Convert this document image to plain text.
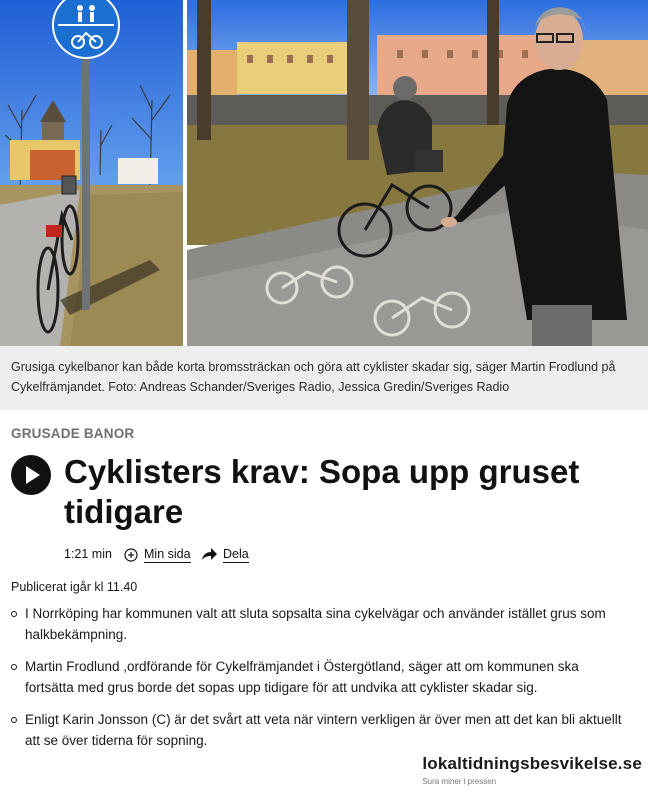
Grusiga cykelbanor kan både korta bromssträckan och göra att cyklister skadar sig, säger Martin Frodlund på Cykelfrämjandet. Foto: Andreas Schander/Sveriges Radio, Jessica Gredin/Sveriges Radio
GRUSADE BANOR
Cyklisters krav: Sopa upp gruset tidigare
1:21 min	Min sida	Dela
Publicerat igår kl 11.40
I Norrköping har kommunen valt att sluta sopsalta sina cykelvägar och använder istället grus som halkbekämpning.
Martin Frodlund ,ordförande för Cykelfrämjandet i Östergötland, säger att om kommunen ska fortsätta med grus borde det sopas upp tidigare för att undvika att cyklister skadar sig.
Enligt Karin Jonsson (C) är det svårt att veta när vintern verkligen är över men att det kan bli aktuellt att se över tiderna för sopning.
lokaltidningsbesvikelse.se
Sura miner i pressen
